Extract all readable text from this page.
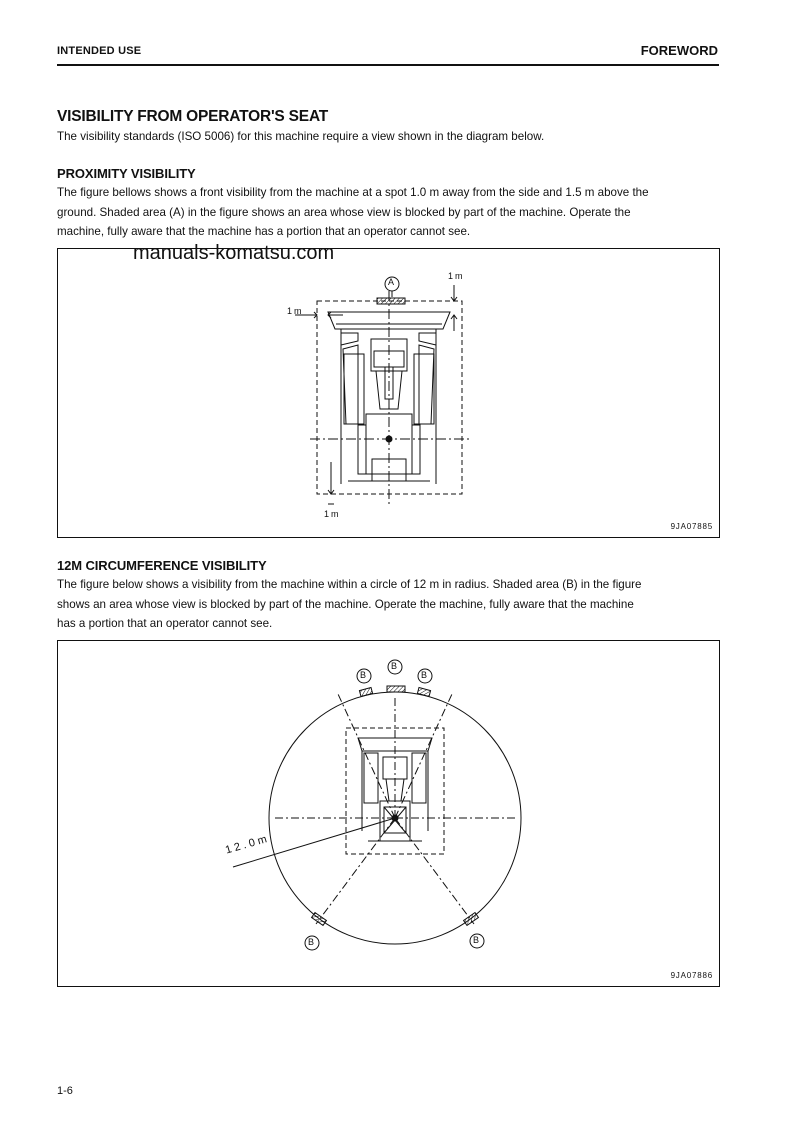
INTENDED USE	FOREWORD
VISIBILITY FROM OPERATOR'S SEAT
The visibility standards (ISO 5006) for this machine require a view shown in the diagram below.
PROXIMITY VISIBILITY
The figure bellows shows a front visibility from the machine at a spot 1.0 m away from the side and 1.5 m above the
ground. Shaded area (A) in the figure shows an area whose view is blocked by part of the machine. Operate the
machine, fully aware that the machine has a portion that an operator cannot see.
A
1m
1m
1m
9JA07885
manuals-komatsu.com
12M CIRCUMFERENCE VISIBILITY
The figure below shows a visibility from the machine within a circle of 12 m in radius. Shaded area (B) in the figure
shows an area whose view is blocked by part of the machine. Operate the machine, fully aware that the machine
has a portion that an operator cannot see.
B
B
B
B	B
12.0m
9JA07886
1-6
